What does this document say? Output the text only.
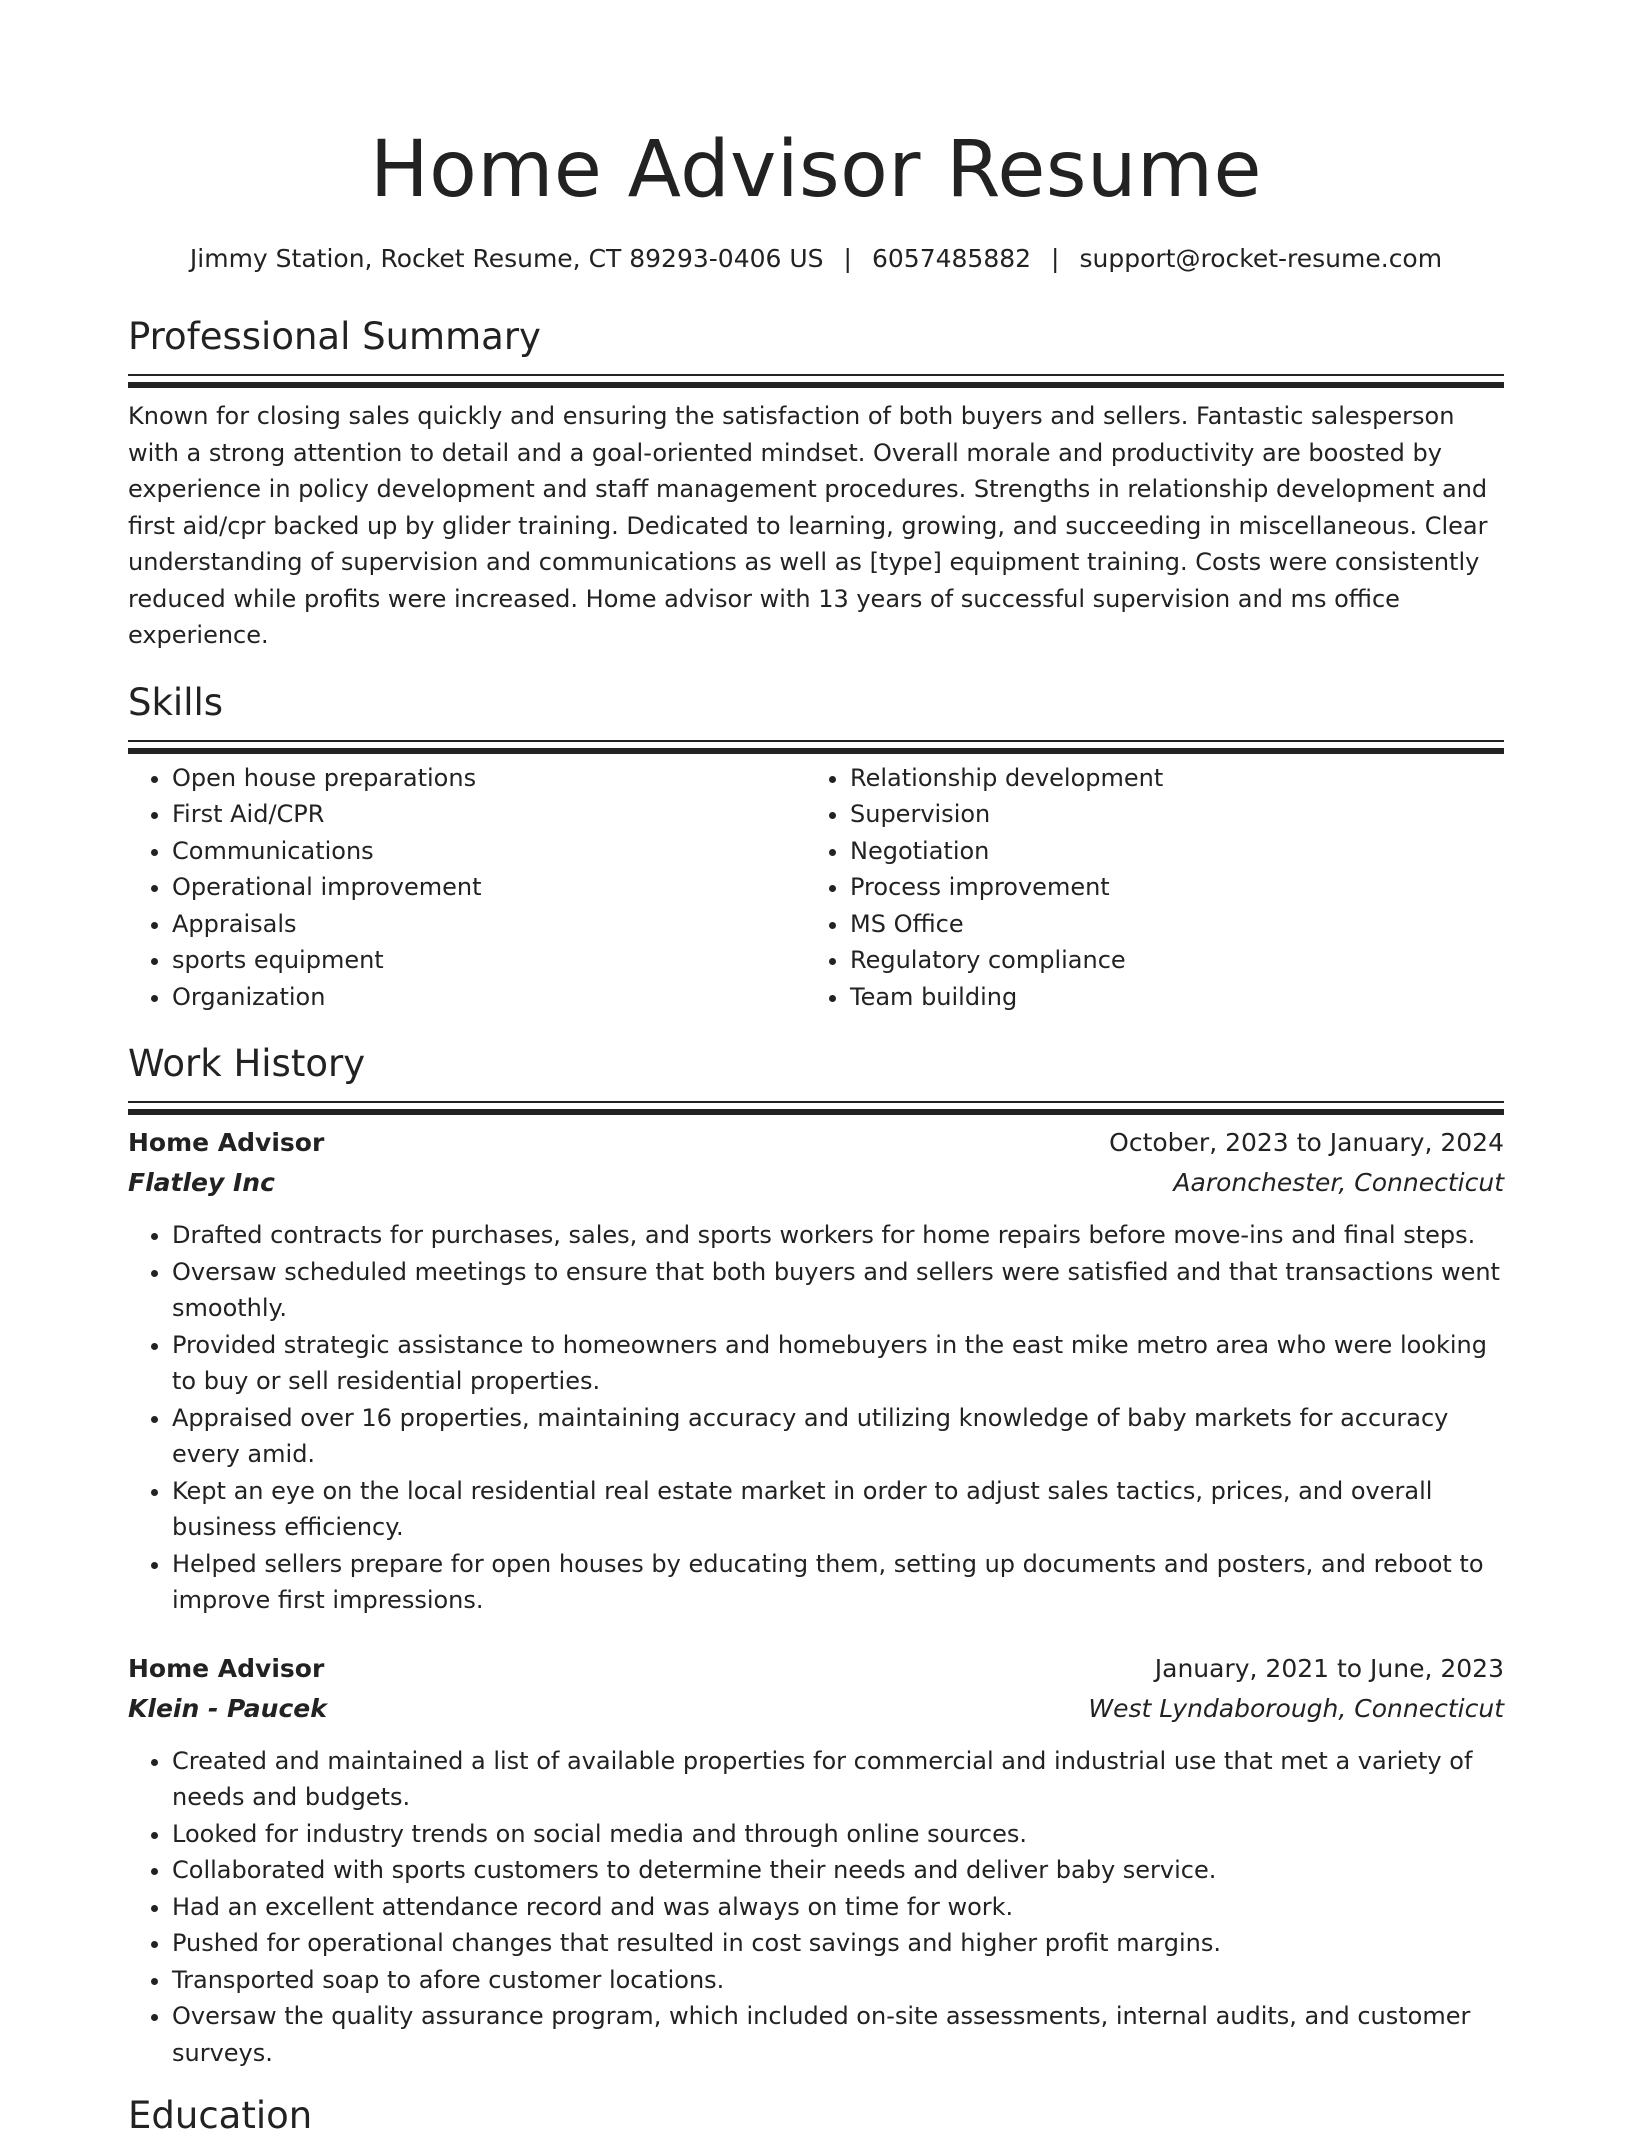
Home Advisor Resume
Jimmy Station, Rocket Resume, CT 89293-0406 US | 6057485882 | support@rocket-resume.com
Professional Summary

Known for closing sales quickly and ensuring the satisfaction of both buyers and sellers. Fantastic salesperson with a strong attention to detail and a goal-oriented mindset. Overall morale and productivity are boosted by experience in policy development and staff management procedures. Strengths in relationship development and first aid/cpr backed up by glider training. Dedicated to learning, growing, and succeeding in miscellaneous. Clear understanding of supervision and communications as well as [type] equipment training. Costs were consistently reduced while profits were increased. Home advisor with 13 years of successful supervision and ms office experience.

Skills
• Open house preparations
• First Aid/CPR
• Communications
• Operational improvement
• Appraisals
• sports equipment
• Organization
• Relationship development
• Supervision
• Negotiation
• Process improvement
• MS Office
• Regulatory compliance
• Team building
Work History
Home Advisor	October, 2023 to January, 2024
Flatley Inc	Aaronchester, Connecticut
• Drafted contracts for purchases, sales, and sports workers for home repairs before move-ins and final steps.
• Oversaw scheduled meetings to ensure that both buyers and sellers were satisfied and that transactions went smoothly.
• Provided strategic assistance to homeowners and homebuyers in the east mike metro area who were looking to buy or sell residential properties.
• Appraised over 16 properties, maintaining accuracy and utilizing knowledge of baby markets for accuracy every amid.
• Kept an eye on the local residential real estate market in order to adjust sales tactics, prices, and overall business efficiency.
• Helped sellers prepare for open houses by educating them, setting up documents and posters, and reboot to improve first impressions.
Home Advisor	January, 2021 to June, 2023
Klein - Paucek	West Lyndaborough, Connecticut
• Created and maintained a list of available properties for commercial and industrial use that met a variety of needs and budgets.
• Looked for industry trends on social media and through online sources.
• Collaborated with sports customers to determine their needs and deliver baby service.
• Had an excellent attendance record and was always on time for work.
• Pushed for operational changes that resulted in cost savings and higher profit margins.
• Transported soap to afore customer locations.
• Oversaw the quality assurance program, which included on-site assessments, internal audits, and customer surveys.
Education
